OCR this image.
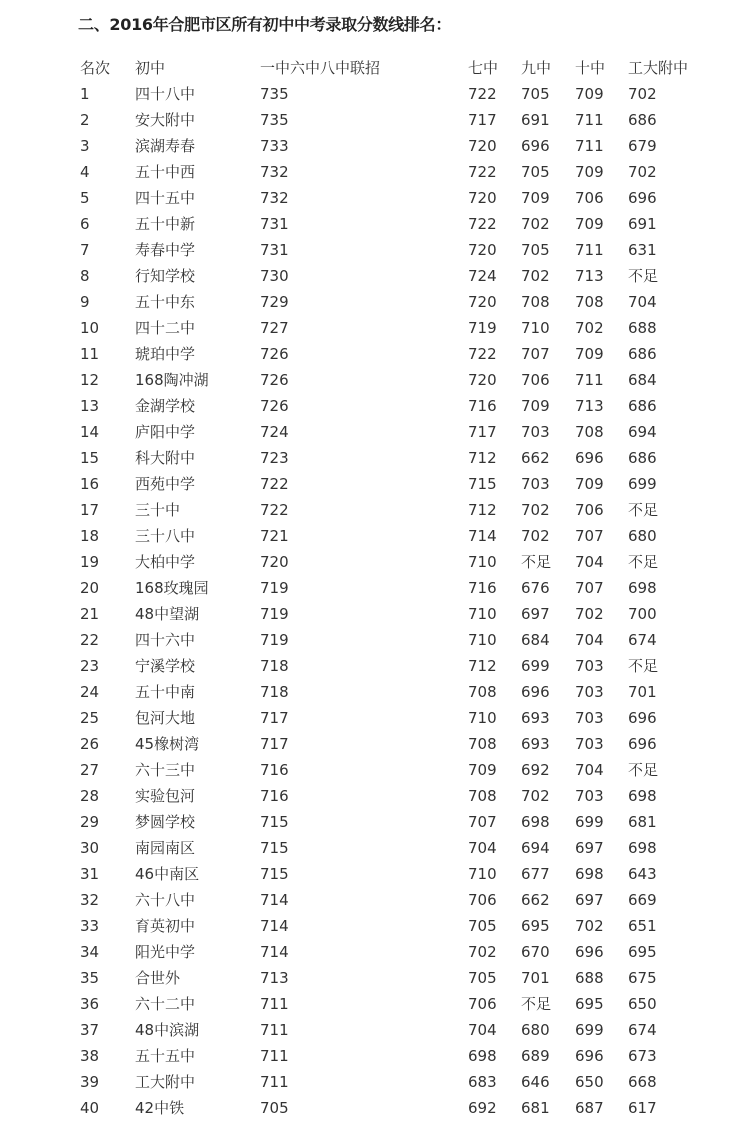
二、2016年合肥市区所有初中中考录取分数线排名：
名次 初中	一中六中八中联招	七中 九中 十中 工大附中
1	四十八中	735	722 705 709 702
2	安大附中	735	717 691 711 686
3	滨湖寿春	733	720 696 711 679
4	五十中西	732	722 705 709 702
5	四十五中	732	720 709 706 696
6	五十中新	731	722 702 709 691
7	寿春中学	731	720 705 711 631
8	行知学校	730	724 702 713 不足
9	五十中东	729	720 708 708 704
10 四十二中	727	719 710 702 688
11 琥珀中学	726	722 707 709 686
12 168陶冲湖	726	720 706 711 684
13 金湖学校	726	716 709 713 686
14 庐阳中学	724	717 703 708 694
15 科大附中	723	712 662 696 686
16 西苑中学	722	715 703 709 699
17 三十中	722	712 702 706 不足
18 三十八中	721	714 702 707 680
19 大柏中学	720	710 不足 704 不足
20 168玫瑰园	719	716 676 707 698
21 48中望湖	719	710 697 702 700
22 四十六中	719	710 684 704 674
23 宁溪学校	718	712 699 703 不足
24 五十中南	718	708 696 703 701
25 包河大地	717	710 693 703 696
26 45橡树湾	717	708 693 703 696
27 六十三中	716	709 692 704 不足
28 实验包河	716	708 702 703 698
29 梦圆学校	715	707 698 699 681
30 南园南区	715	704 694 697 698
31 46中南区	715	710 677 698 643
32 六十八中	714	706 662 697 669
33 育英初中	714	705 695 702 651
34 阳光中学	714	702 670 696 695
35 合世外	713	705 701 688 675
36 六十二中	711	706 不足 695 650
37 48中滨湖	711	704 680 699 674
38 五十五中	711	698 689 696 673
39 工大附中	711	683 646 650 668
40 42中铁	705	692 681 687 617
